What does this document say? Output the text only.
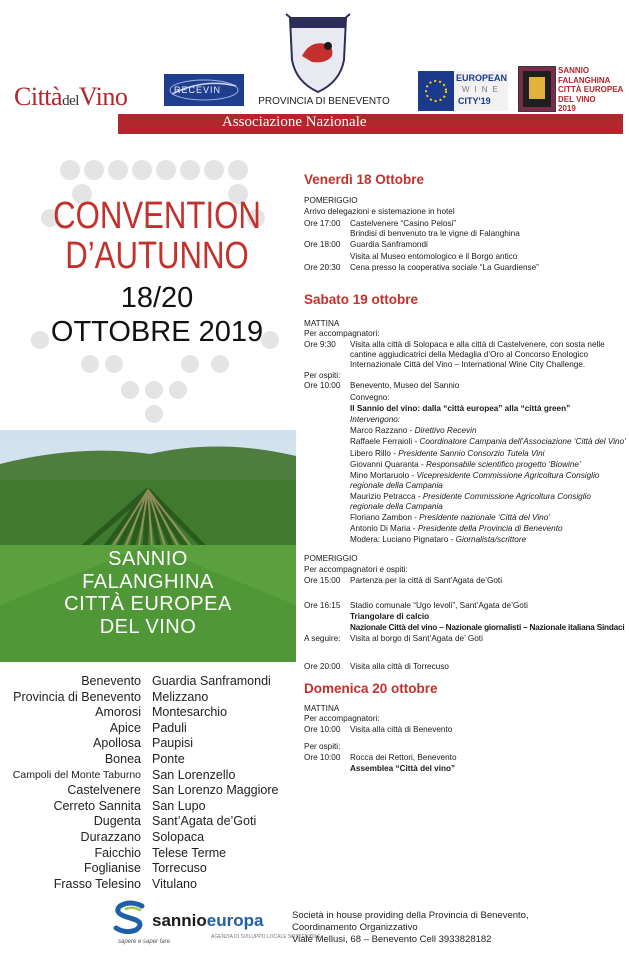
CittàdelVino	RECEVIN
PROVINCIA DI BENEVENTO
EUROPEAN
WINE
CITY'19
SANNIO
FALANGHINA
CITTÀ EUROPEA
DEL VINO
2019
Associazione Nazionale
CONVENTION
D’AUTUNNO
18/20
OTTOBRE 2019
SANNIO
FALANGHINA
CITTÀ EUROPEA
DEL VINO
Benevento
Provincia di Benevento
Amorosi
Apice
Apollosa
Bonea
Campoli del Monte Taburno
Castelvenere
Cerreto Sannita
Dugenta
Durazzano
Faicchio
Foglianise
Frasso Telesino
Guardia Sanframondi
Melizzano
Montesarchio
Paduli
Paupisi
Ponte
San Lorenzello
San Lorenzo Maggiore
San Lupo
Sant’Agata de’Goti
Solopaca
Telese Terme
Torrecuso
Vitulano
Venerdì 18 Ottobre
POMERIGGIO
Arrivo delegazioni e sistemazione in hotel
Ore 17:00 Castelvenere “Casino Pelosi”
Brindisi di benvenuto tra le vigne di Falanghina
Ore 18:00 Guardia Sanframondi
Visita al Museo entomologico e il Borgo antico
Ore 20:30 Cena presso la cooperativa sociale “La Guardiense”
Sabato 19 ottobre
MATTINA
Per accompagnatori:
Ore 9:30 Visita alla città di Solopaca e alla città di Castelvenere, con sosta nelle
cantine aggiudicatrici della Medaglia d’Oro al Concorso Enologico
Internazionale Città del Vino – International Wine City Challenge.
Per ospiti:
Ore 10:00 Benevento, Museo del Sannio
Convegno:
Il Sannio del vino: dalla “città europea” alla “città green”
Intervengono:
Marco Razzano - Direttivo Recevin
Raffaele Ferraioli - Coordinatore Campania dell’Associazione ‘Città del Vino’
Libero Rillo - Presidente Sannio Consorzio Tutela Vini
Giovanni Quaranta - Responsabile scientifico progetto ‘Biowine’
Mino Mortaruolo - Vicepresidente Commissione Agricoltura Consiglio
regionale della Campania
Maurizio Petracca - Presidente Commissione Agricoltura Consiglio
regionale della Campania
Floriano Zambon - Presidente nazionale ‘Città del Vino’
Antonio Di Maria - Presidente della Provincia di Benevento
Modera: Luciano Pignataro - Giornalista/scrittore
POMERIGGIO
Per accompagnatori e ospiti:
Ore 15:00 Partenza per la città di Sant’Agata de’Goti
Ore 16:15 Stadio comunale “Ugo Ievoli”, Sant’Agata de’Goti
Triangolare di calcio
Nazionale Città del vino – Nazionale giornalisti – Nazionale italiana Sindaci
A seguire: Visita al borgo di Sant’Agata de’ Goti
Ore 20:00 Visita alla città di Torrecuso
Domenica 20 ottobre
MATTINA
Per accompagnatori:
Ore 10:00 Visita alla città di Benevento
Per ospiti:
Ore 10:00 Rocca dei Rettori, Benevento
Assemblea “Città del vino”
sannioeuropa
sapere e saper fare
AGENZIA DI SVILUPPO LOCALE SOSTENIBILE
Società in house providing della Provincia di Benevento,
Coordinamento Organizzativo
Viale Mellusi, 68 – Benevento Cell 3933828182
